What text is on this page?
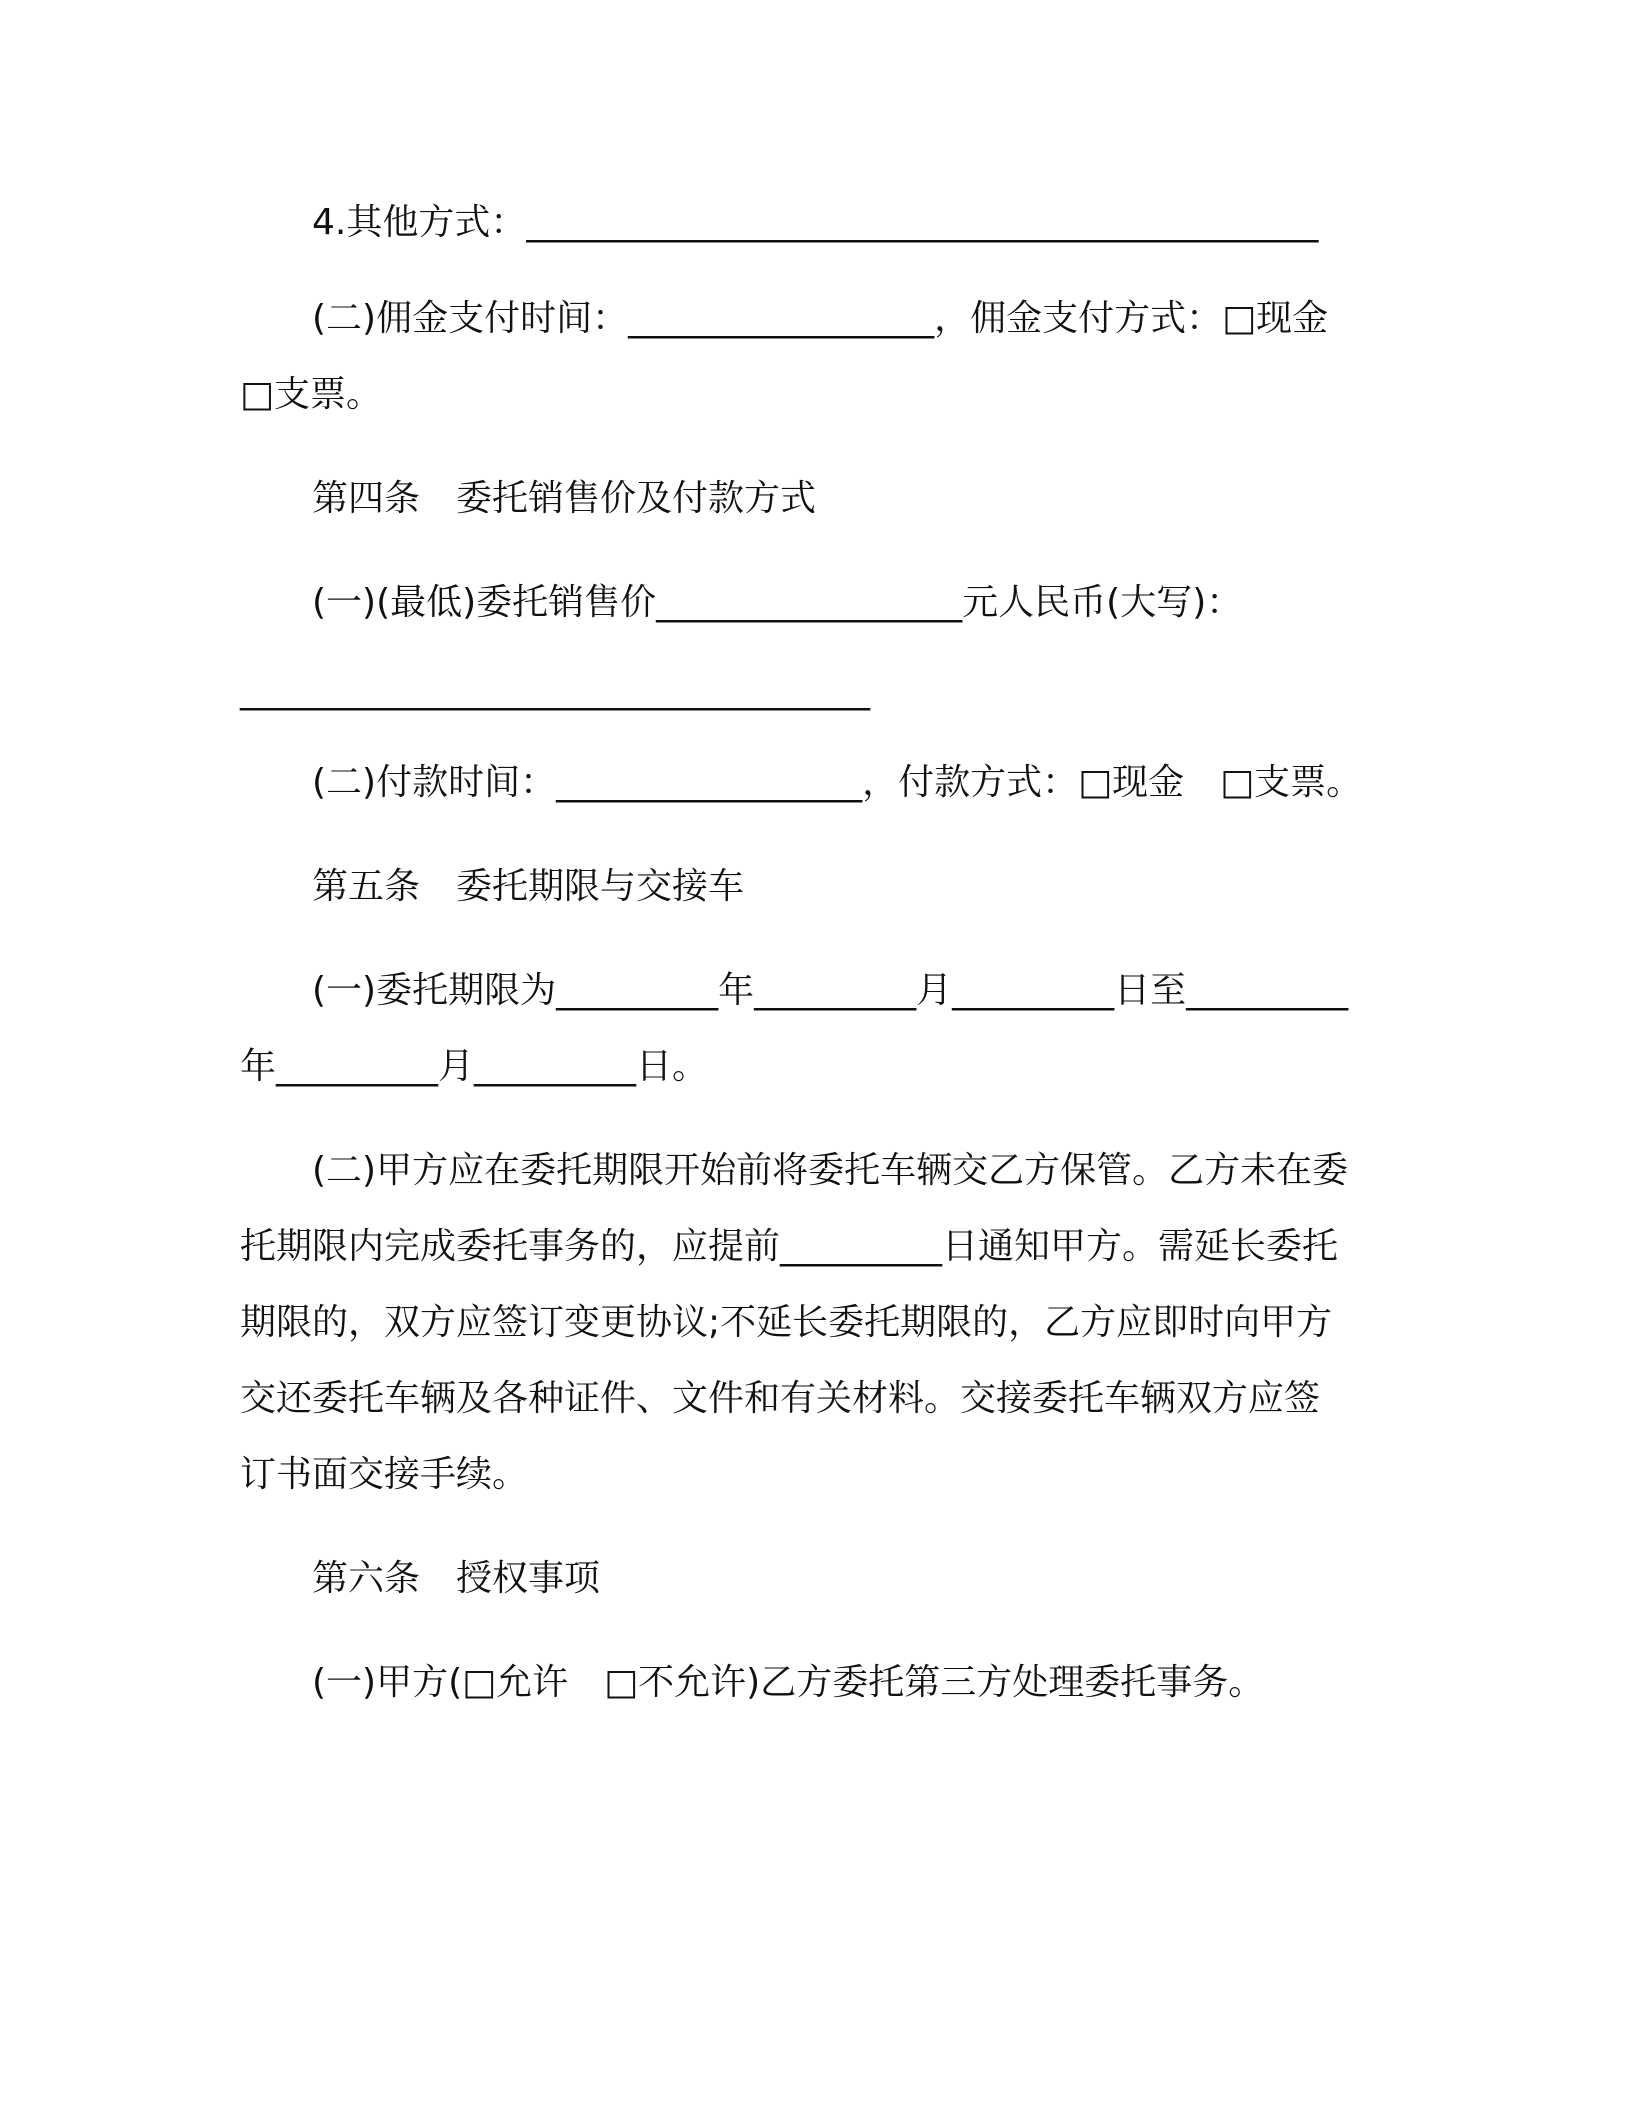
4.其他方式：____________________________________________
(二)佣金支付时间：_________________，佣金支付方式：□现金
□支票。
第四条　委托销售价及付款方式
(一)(最低)委托销售价_________________元人民币(大写)：
___________________________________
(二)付款时间：_________________，付款方式：□现金　□支票。
第五条　委托期限与交接车
(一)委托期限为_________年_________月_________日至_________
年_________月_________日。
(二)甲方应在委托期限开始前将委托车辆交乙方保管。乙方未在委
托期限内完成委托事务的，应提前_________日通知甲方。需延长委托
期限的，双方应签订变更协议;不延长委托期限的，乙方应即时向甲方
交还委托车辆及各种证件、文件和有关材料。交接委托车辆双方应签
订书面交接手续。
第六条　授权事项
(一)甲方(□允许　□不允许)乙方委托第三方处理委托事务。
